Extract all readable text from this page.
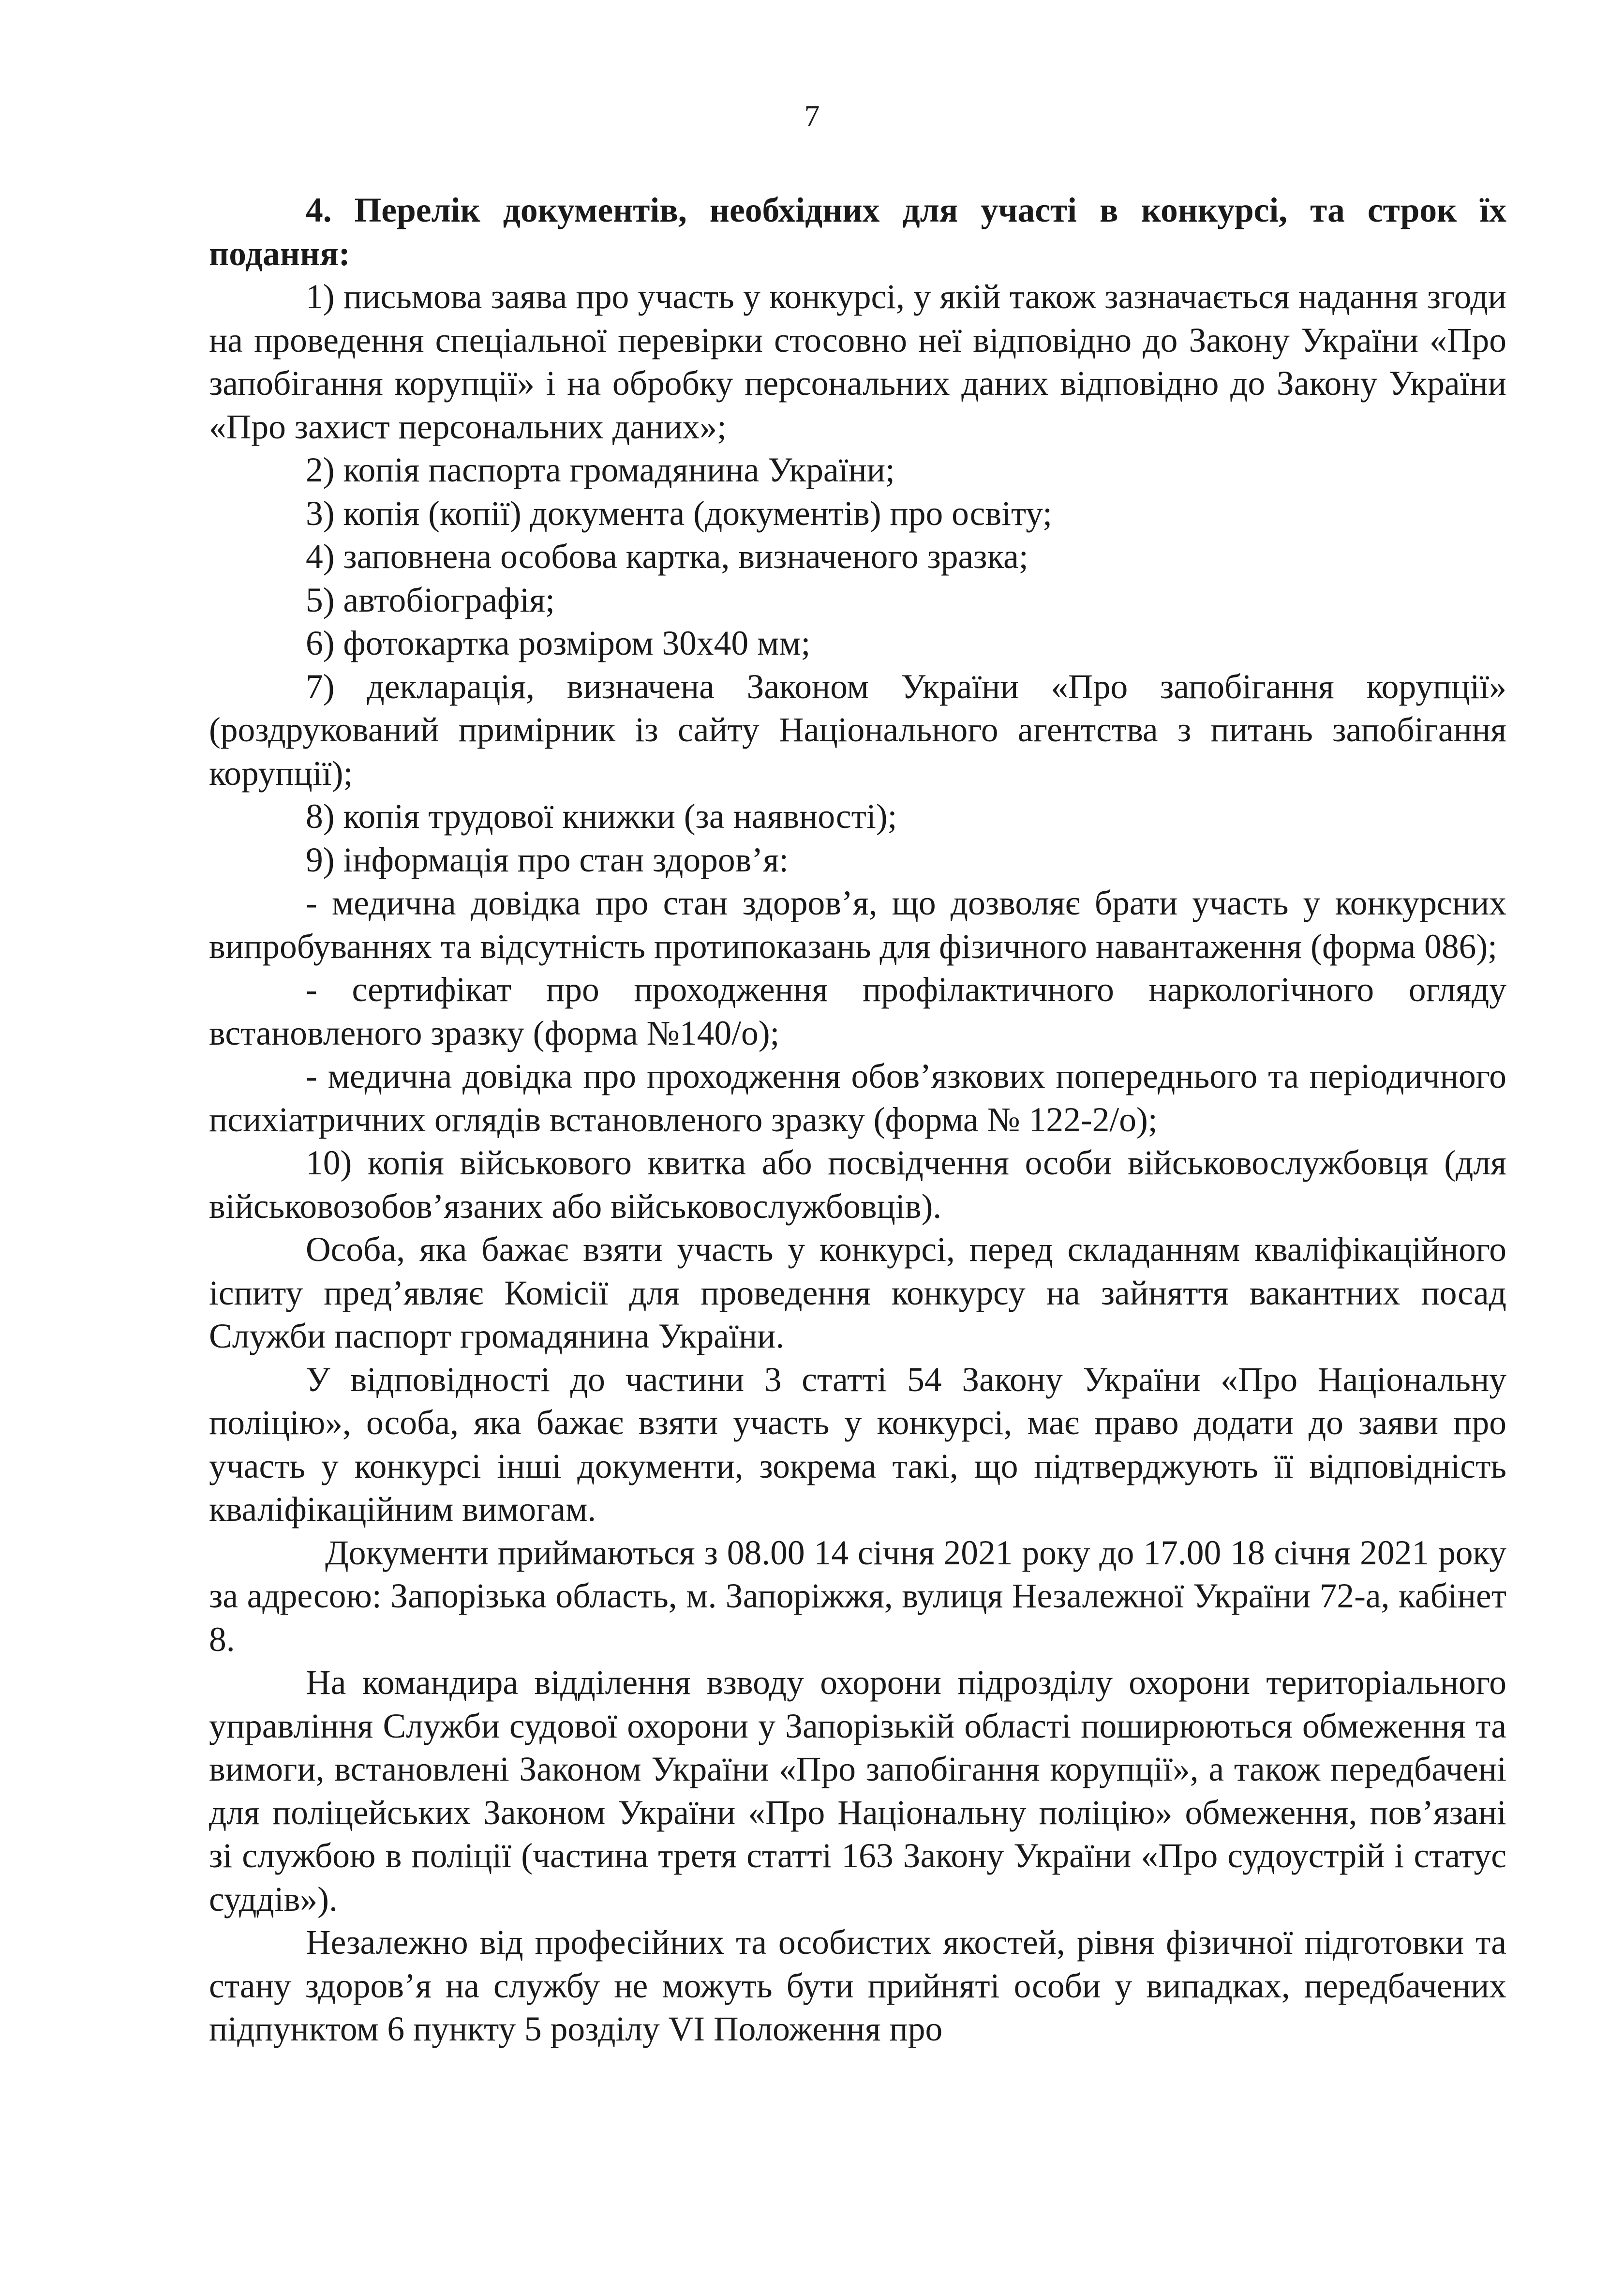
7

4. Перелік документів, необхідних для участі в конкурсі, та строк їх подання:

1) письмова заява про участь у конкурсі, у якій також зазначається надання згоди на проведення спеціальної перевірки стосовно неї відповідно до Закону України «Про запобігання корупції» і на обробку персональних даних відповідно до Закону України «Про захист персональних даних»;

2) копія паспорта громадянина України;

3) копія (копії) документа (документів) про освіту;

4) заповнена особова картка, визначеного зразка;

5) автобіографія;

6) фотокартка розміром 30х40 мм;

7) декларація, визначена Законом України «Про запобігання корупції» (роздрукований примірник із сайту Національного агентства з питань запобігання корупції);

8) копія трудової книжки (за наявності);

9) інформація про стан здоров’я:

- медична довідка про стан здоров’я, що дозволяє брати участь у конкурсних випробуваннях та відсутність протипоказань для фізичного навантаження (форма 086);

- сертифікат про проходження профілактичного наркологічного огляду встановленого зразку (форма №140/о);

- медична довідка про проходження обов’язкових попереднього та періодичного психіатричних оглядів встановленого зразку (форма № 122-2/о);

10) копія військового квитка або посвідчення особи військовослужбовця (для військовозобов’язаних або військовослужбовців).

Особа, яка бажає взяти участь у конкурсі, перед складанням кваліфікаційного іспиту пред’являє Комісії для проведення конкурсу на зайняття вакантних посад Служби паспорт громадянина України.

У відповідності до частини 3 статті 54 Закону України «Про Національну поліцію», особа, яка бажає взяти участь у конкурсі, має право додати до заяви про участь у конкурсі інші документи, зокрема такі, що підтверджують її відповідність кваліфікаційним вимогам.

Документи приймаються з 08.00 14 січня 2021 року до 17.00 18 січня 2021 року за адресою: Запорізька область, м. Запоріжжя, вулиця Незалежної України 72-а, кабінет 8.

На командира відділення взводу охорони підрозділу охорони територіального управління Служби судової охорони у Запорізькій області поширюються обмеження та вимоги, встановлені Законом України «Про запобігання корупції», а також передбачені для поліцейських Законом України «Про Національну поліцію» обмеження, пов’язані зі службою в поліції (частина третя статті 163 Закону України «Про судоустрій і статус суддів»).

Незалежно від професійних та особистих якостей, рівня фізичної підготовки та стану здоров’я на службу не можуть бути прийняті особи у випадках, передбачених підпунктом 6 пункту 5 розділу VI Положення про
